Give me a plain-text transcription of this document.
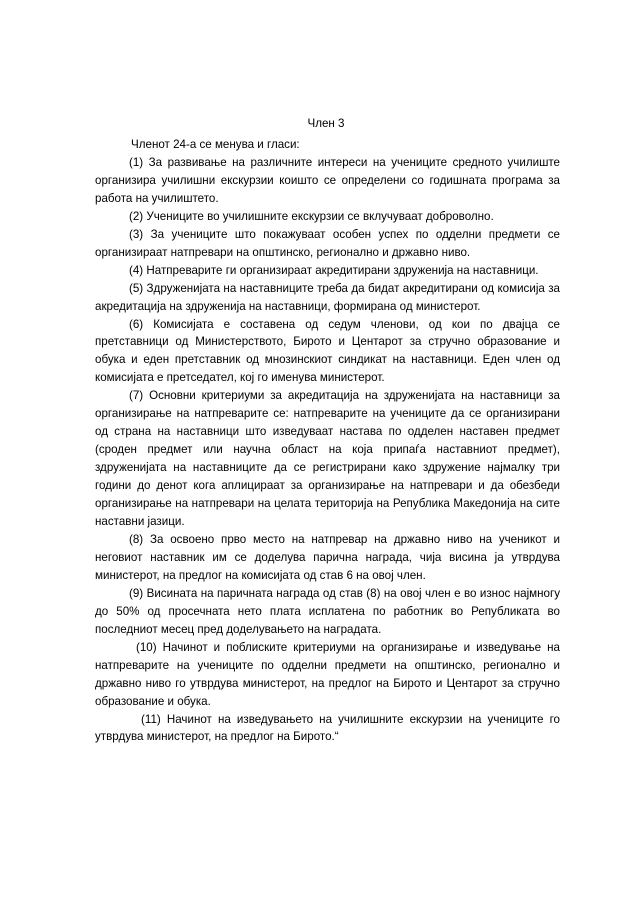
Член 3

Членот 24-а се менува и гласи:

(1) За развивање на различните интереси на учениците средното училиште организира училишни екскурзии коишто се определени со годишната програма за работа на училиштето.

(2) Учениците во училишните екскурзии се вклучуваат доброволно.

(3) За учениците што покажуваат особен успех по одделни предмети се организираат натпревари на општинско, регионално и државно ниво.

(4) Натпреварите ги организираат акредитирани здруженија на наставници.

(5) Здруженијата на наставниците треба да бидат акредитирани од комисија за акредитација на здруженија на наставници, формирана од министерот.

(6) Комисијата е составена од седум членови, од кои по двајца се претставници од Министерството, Бирото и Центарот за стручно образование и обука и еден претставник од мнозинскиот синдикат на наставници. Еден член од комисијата е претседател, кој го именува министерот.

(7) Основни критериуми за акредитација на здруженијата на наставници за организирање на натпреварите се: натпреварите на учениците да се организирани од страна на наставници што изведуваат настава по одделен наставен предмет (сроден предмет или научна област на која припаѓа наставниот предмет), здруженијата на наставниците да се регистрирани како здружение најмалку три години до денот кога аплицираат за организирање на натпревари и да обезбеди организирање на натпревари на целата територија на Република Македонија на сите наставни јазици.

(8) За освоено прво место на натпревар на државно ниво на ученикот и неговиот наставник им се доделува парична награда, чија висина ја утврдува министерот, на предлог на комисијата од став 6 на овој член.

(9) Висината на паричната награда од став (8) на овој член е во износ најмногу до 50% од просечната нето плата исплатена по работник во Републиката во последниот месец пред доделувањето на наградата.

(10) Начинот и поблиските критериуми на организирање и изведување на натпреварите на учениците по одделни предмети на општинско, регионално и државно ниво го утврдува министерот, на предлог на Бирото и Центарот за стручно образование и обука.

(11) Начинот на изведувањето на училишните екскурзии на учениците го утврдува министерот, на предлог на Бирото.“
